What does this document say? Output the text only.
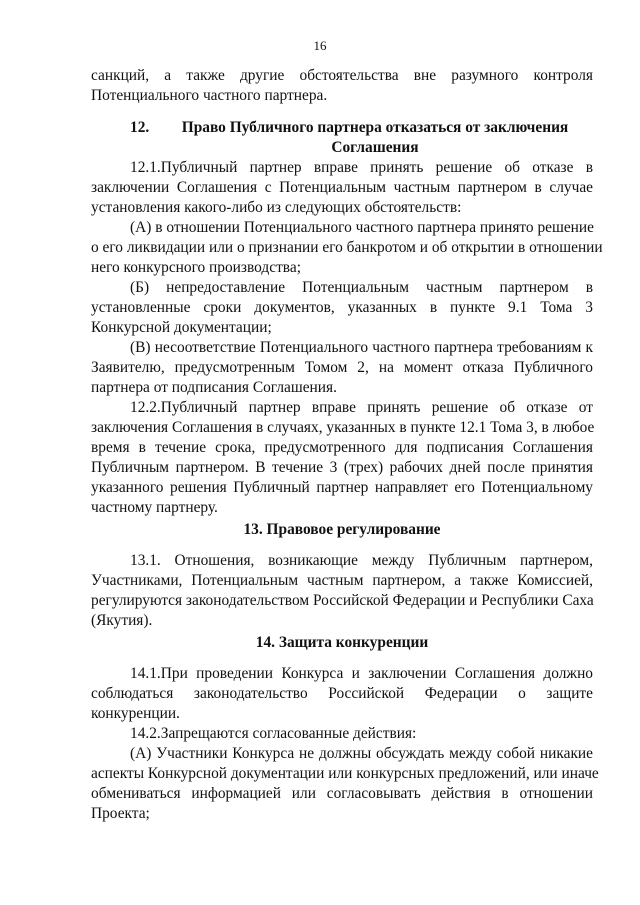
16
санкций, а также другие обстоятельства вне разумного контроля
Потенциального частного партнера.
12.1.Публичный партнер вправе принять решение об отказе в
заключении Соглашения с Потенциальным частным партнером в случае
установления какого-либо из следующих обстоятельств:
(А) в отношении Потенциального частного партнера принято решение
о его ликвидации или о признании его банкротом и об открытии в отношении
него конкурсного производства;
(Б) непредоставление Потенциальным частным партнером в
установленные сроки документов, указанных в пункте 9.1 Тома 3
Конкурсной документации;
(В) несоответствие Потенциального частного партнера требованиям к
Заявителю, предусмотренным Томом 2, на момент отказа Публичного
партнера от подписания Соглашения.
12.2.Публичный партнер вправе принять решение об отказе от
заключения Соглашения в случаях, указанных в пункте 12.1 Тома 3, в любое
время в течение срока, предусмотренного для подписания Соглашения
Публичным партнером. В течение 3 (трех) рабочих дней после принятия
указанного решения Публичный партнер направляет его Потенциальному
частному партнеру.
13.1. Отношения, возникающие между Публичным партнером,
Участниками, Потенциальным частным партнером, а также Комиссией,
регулируются законодательством Российской Федерации и Республики Саха
(Якутия).
14.1.При проведении Конкурса и заключении Соглашения должно
соблюдаться законодательство Российской Федерации о защите
конкуренции.
14.2.Запрещаются согласованные действия:
(А) Участники Конкурса не должны обсуждать между собой никакие
аспекты Конкурсной документации или конкурсных предложений, или иначе
обмениваться информацией или согласовывать действия в отношении
Проекта;
12.	Право Публичного партнера отказаться от заключения
Соглашения
13. Правовое регулирование
14. Защита конкуренции
